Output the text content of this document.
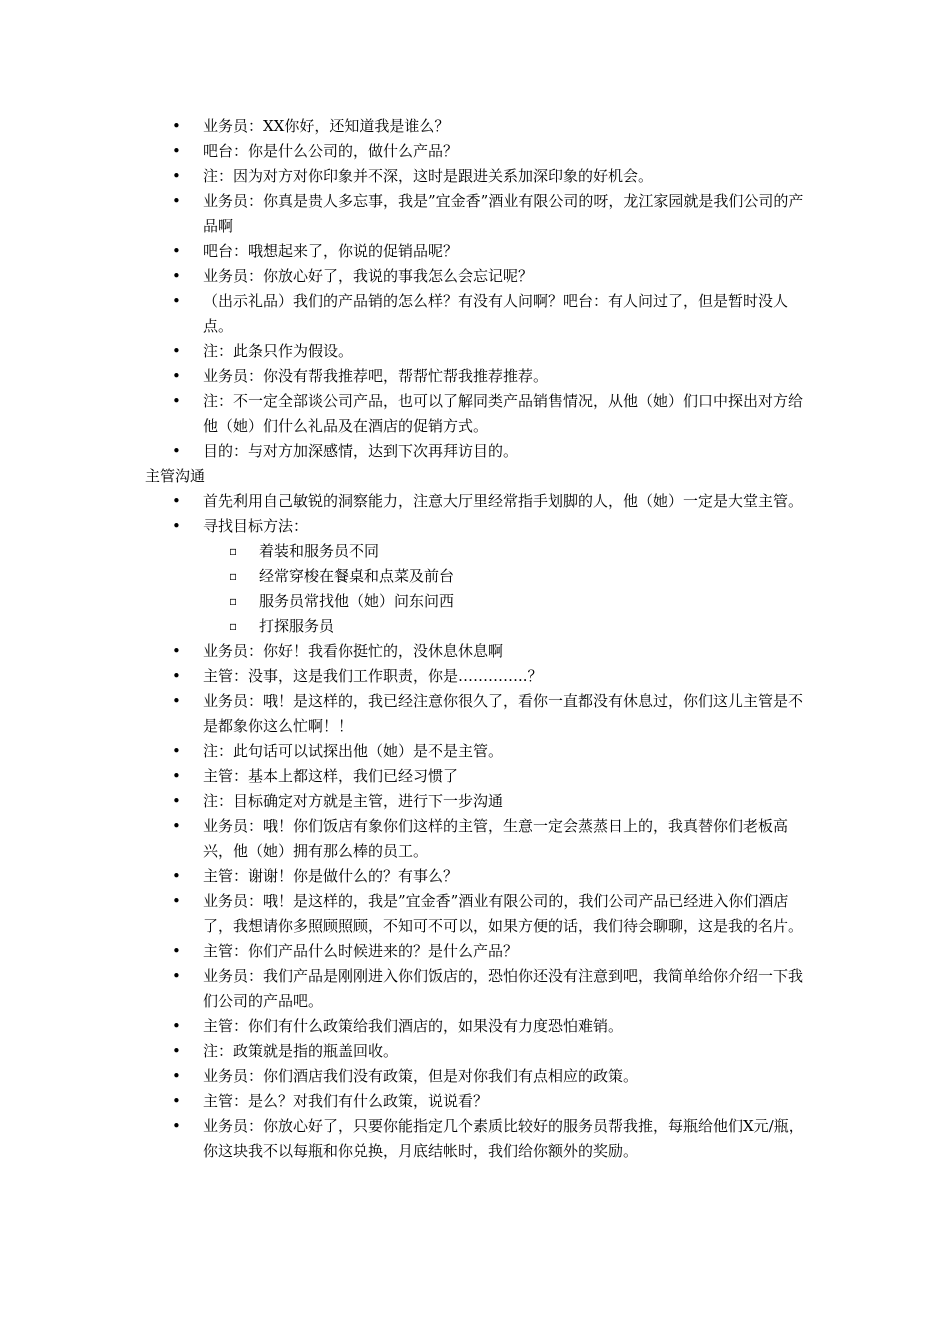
• 业务员：XX你好，还知道我是谁么？
• 吧台：你是什么公司的，做什么产品？
• 注：因为对方对你印象并不深，这时是跟进关系加深印象的好机会。
• 业务员：你真是贵人多忘事，我是”宜金香”酒业有限公司的呀，龙江家园就是我们公司的产品啊
• 吧台：哦想起来了，你说的促销品呢？
• 业务员：你放心好了，我说的事我怎么会忘记呢？
• （出示礼品）我们的产品销的怎么样？有没有人问啊？吧台：有人问过了，但是暂时没人点。
• 注：此条只作为假设。
• 业务员：你没有帮我推荐吧，帮帮忙帮我推荐推荐。
• 注：不一定全部谈公司产品，也可以了解同类产品销售情况，从他（她）们口中探出对方给他（她）们什么礼品及在酒店的促销方式。
• 目的：与对方加深感情，达到下次再拜访目的。
主管沟通
• 首先利用自己敏锐的洞察能力，注意大厅里经常指手划脚的人，他（她）一定是大堂主管。
• 寻找目标方法：
▫ 着装和服务员不同
▫ 经常穿梭在餐桌和点菜及前台
▫ 服务员常找他（她）问东问西
▫ 打探服务员
• 业务员：你好！我看你挺忙的，没休息休息啊
• 主管：没事，这是我们工作职责，你是…………..？
• 业务员：哦！是这样的，我已经注意你很久了，看你一直都没有休息过，你们这儿主管是不是都象你这么忙啊！！
• 注：此句话可以试探出他（她）是不是主管。
• 主管：基本上都这样，我们已经习惯了
• 注：目标确定对方就是主管，进行下一步沟通
• 业务员：哦！你们饭店有象你们这样的主管，生意一定会蒸蒸日上的，我真替你们老板高兴，他（她）拥有那么棒的员工。
• 主管：谢谢！你是做什么的？有事么？
• 业务员：哦！是这样的，我是”宜金香”酒业有限公司的，我们公司产品已经进入你们酒店了，我想请你多照顾照顾，不知可不可以，如果方便的话，我们待会聊聊，这是我的名片。
• 主管：你们产品什么时候进来的？是什么产品？
• 业务员：我们产品是刚刚进入你们饭店的，恐怕你还没有注意到吧，我简单给你介绍一下我们公司的产品吧。
• 主管：你们有什么政策给我们酒店的，如果没有力度恐怕难销。
• 注：政策就是指的瓶盖回收。
• 业务员：你们酒店我们没有政策，但是对你我们有点相应的政策。
• 主管：是么？对我们有什么政策，说说看？
• 业务员：你放心好了，只要你能指定几个素质比较好的服务员帮我推，每瓶给他们X元/瓶，你这块我不以每瓶和你兑换，月底结帐时，我们给你额外的奖励。
